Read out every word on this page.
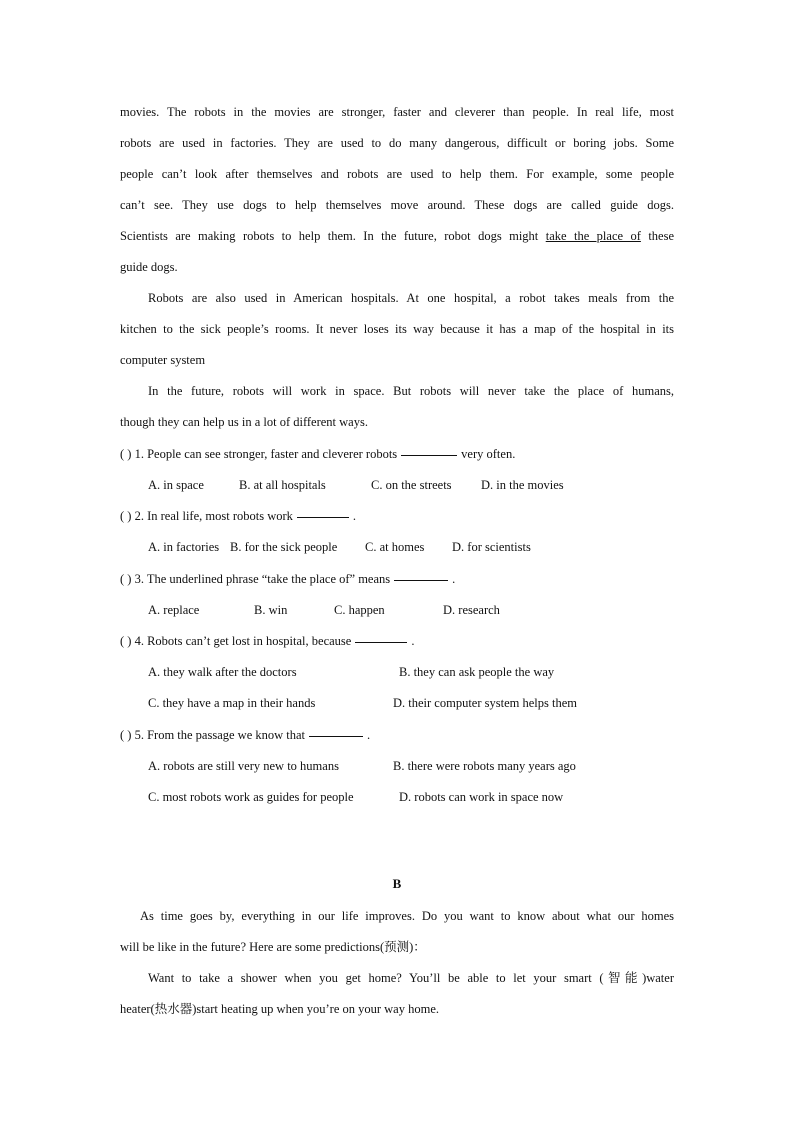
movies. The robots in the movies are stronger, faster and cleverer than people. In real life, most
robots are used in factories. They are used to do many dangerous, difficult or boring jobs. Some
people can’t look after themselves and robots are used to help them. For example, some people
can’t see. They use dogs to help themselves move around. These dogs are called guide dogs.
Scientists are making robots to help them. In the future, robot dogs might take the place of these
guide dogs.
Robots are also used in American hospitals. At one hospital, a robot takes meals from the
kitchen to the sick people’s rooms. It never loses its way because it has a map of the hospital in its
computer system
In the future, robots will work in space. But robots will never take the place of humans,
though they can help us in a lot of different ways.
( ) 1. People can see stronger, faster and cleverer robots	very often.
A. in space	B. at all hospitals	C. on the streets D. in the movies
( ) 2. In real life, most robots work	.
A. in factories B. for the sick people C. at homes D. for scientists
( ) 3. The underlined phrase “take the place of” means	.
A. replace	B. win	C. happen	D. research
( ) 4. Robots can’t get lost in hospital, because	.
A. they walk after the doctors	B. they can ask people the way
C. they have a map in their hands	D. their computer system helps them
( ) 5. From the passage we know that	.
A. robots are still very new to humans	B. there were robots many years ago
C. most robots work as guides for people	D. robots can work in space now
B
As time goes by, everything in our life improves. Do you want to know about what our homes
will be like in the future? Here are some predictions(预测)：
Want to take a shower when you get home? You’ll be able to let your smart (智能)water
heater(热水器)start heating up when you’re on your way home.
